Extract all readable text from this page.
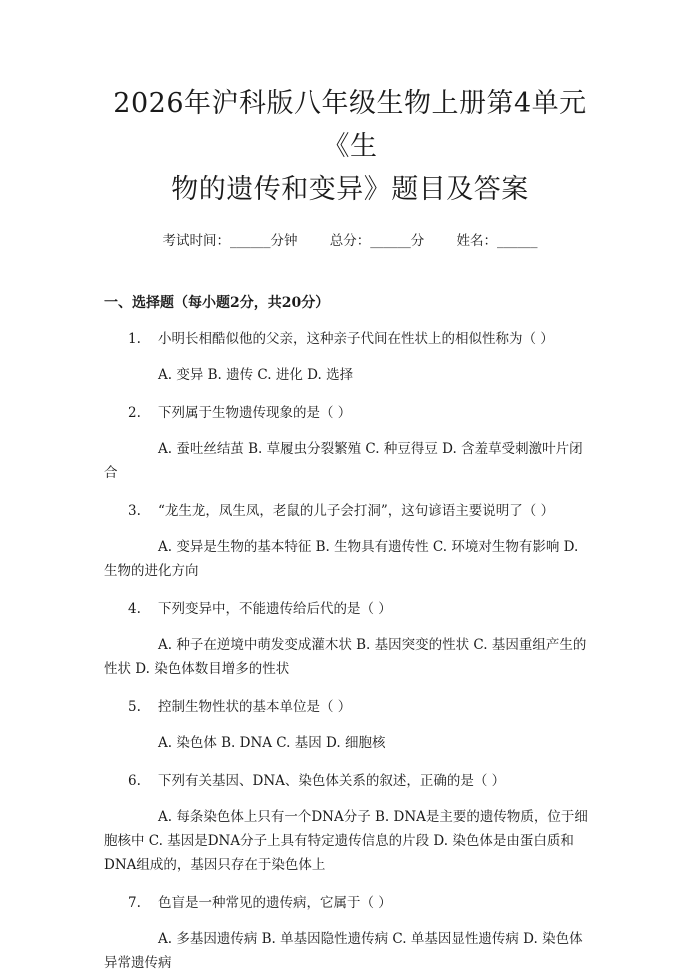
2026年沪科版八年级生物上册第4单元《生
物的遗传和变异》题目及答案
考试时间：______分钟 总分：______分 姓名：______
一、选择题（每小题2分，共20分）
1. 小明长相酷似他的父亲，这种亲子代间在性状上的相似性称为（ ）
A. 变异 B. 遗传 C. 进化 D. 选择
2. 下列属于生物遗传现象的是（ ）
A. 蚕吐丝结茧 B. 草履虫分裂繁殖 C. 种豆得豆 D. 含羞草受刺激叶片闭合
3. “龙生龙，凤生凤，老鼠的儿子会打洞”，这句谚语主要说明了（ ）
A. 变异是生物的基本特征 B. 生物具有遗传性 C. 环境对生物有影响 D. 生物的进化方向
4. 下列变异中，不能遗传给后代的是（ ）
A. 种子在逆境中萌发变成灌木状 B. 基因突变的性状 C. 基因重组产生的性状 D. 染色体数目增多的性状
5. 控制生物性状的基本单位是（ ）
A. 染色体 B. DNA C. 基因 D. 细胞核
6. 下列有关基因、DNA、染色体关系的叙述，正确的是（ ）
A. 每条染色体上只有一个DNA分子 B. DNA是主要的遗传物质，位于细胞核中 C. 基因是DNA分子上具有特定遗传信息的片段 D. 染色体是由蛋白质和DNA组成的，基因只存在于染色体上
7. 色盲是一种常见的遗传病，它属于（ ）
A. 多基因遗传病 B. 单基因隐性遗传病 C. 单基因显性遗传病 D. 染色体异常遗传病
